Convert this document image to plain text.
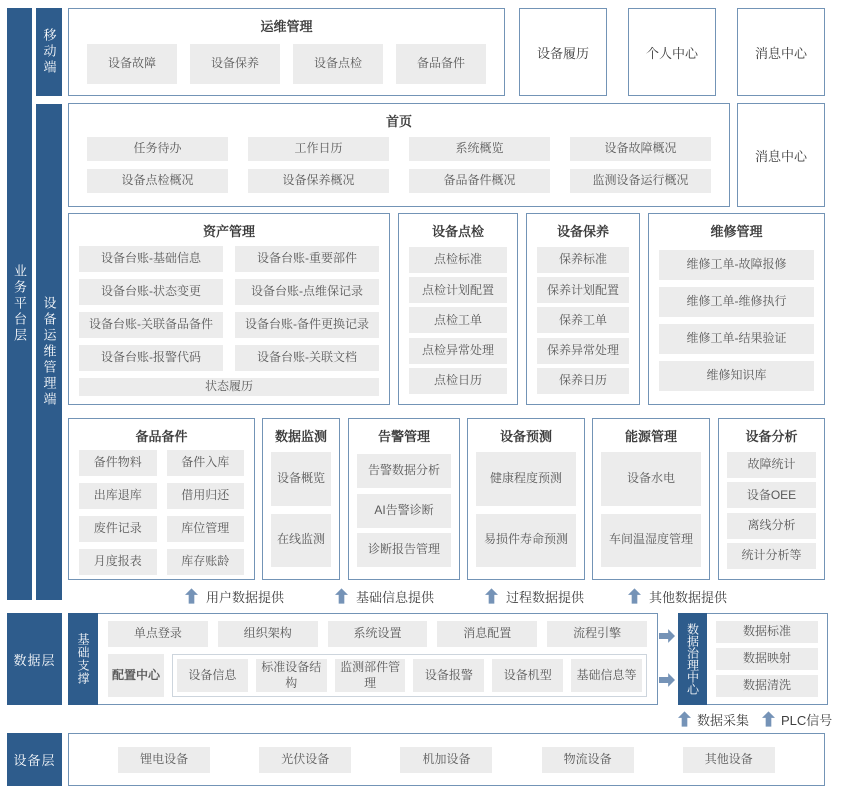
业务平台层
移动端
设备运维管理端
数据层
设备层
运维管理
设备故障	设备保养	设备点检	备品备件
设备履历	个人中心	消息中心
首页
任务待办	工作日历	系统概览	设备故障概况
设备点检概况	设备保养概况	备品备件概况	监测设备运行概况
消息中心
资产管理
设备台账-基础信息	设备台账-重要部件
设备台账-状态变更	设备台账-点维保记录
设备台账-关联备品备件	设备台账-备件更换记录
设备台账-报警代码	设备台账-关联文档
状态履历
设备点检
点检标准
点检计划配置
点检工单
点检异常处理
点检日历
设备保养
保养标准
保养计划配置
保养工单
保养异常处理
保养日历
维修管理
维修工单-故障报修
维修工单-维修执行
维修工单-结果验证
维修知识库
备品备件
备件物料	备件入库
出库退库	借用归还
废件记录	库位管理
月度报表	库存账龄
数据监测
设备概览
在线监测
告警管理
告警数据分析
AI告警诊断
诊断报告管理
健康程度预测
易损件寿命预测
设备预测	能源管理
设备水电
车间温湿度管理
设备分析
故障统计
设备OEE
离线分析
统计分析等
用户数据提供	基础信息提供	过程数据提供	其他数据提供
基础支撑	单点登录	组织架构	系统设置	消息配置	流程引擎
配置中心	设备信息
标准设备结构
监测部件管理
设备报警	设备机型	基础信息等	数据治理中心	数据标准
数据映射
数据清洗
数据采集 PLC信号
锂电设备	光伏设备	机加设备	物流设备	其他设备
